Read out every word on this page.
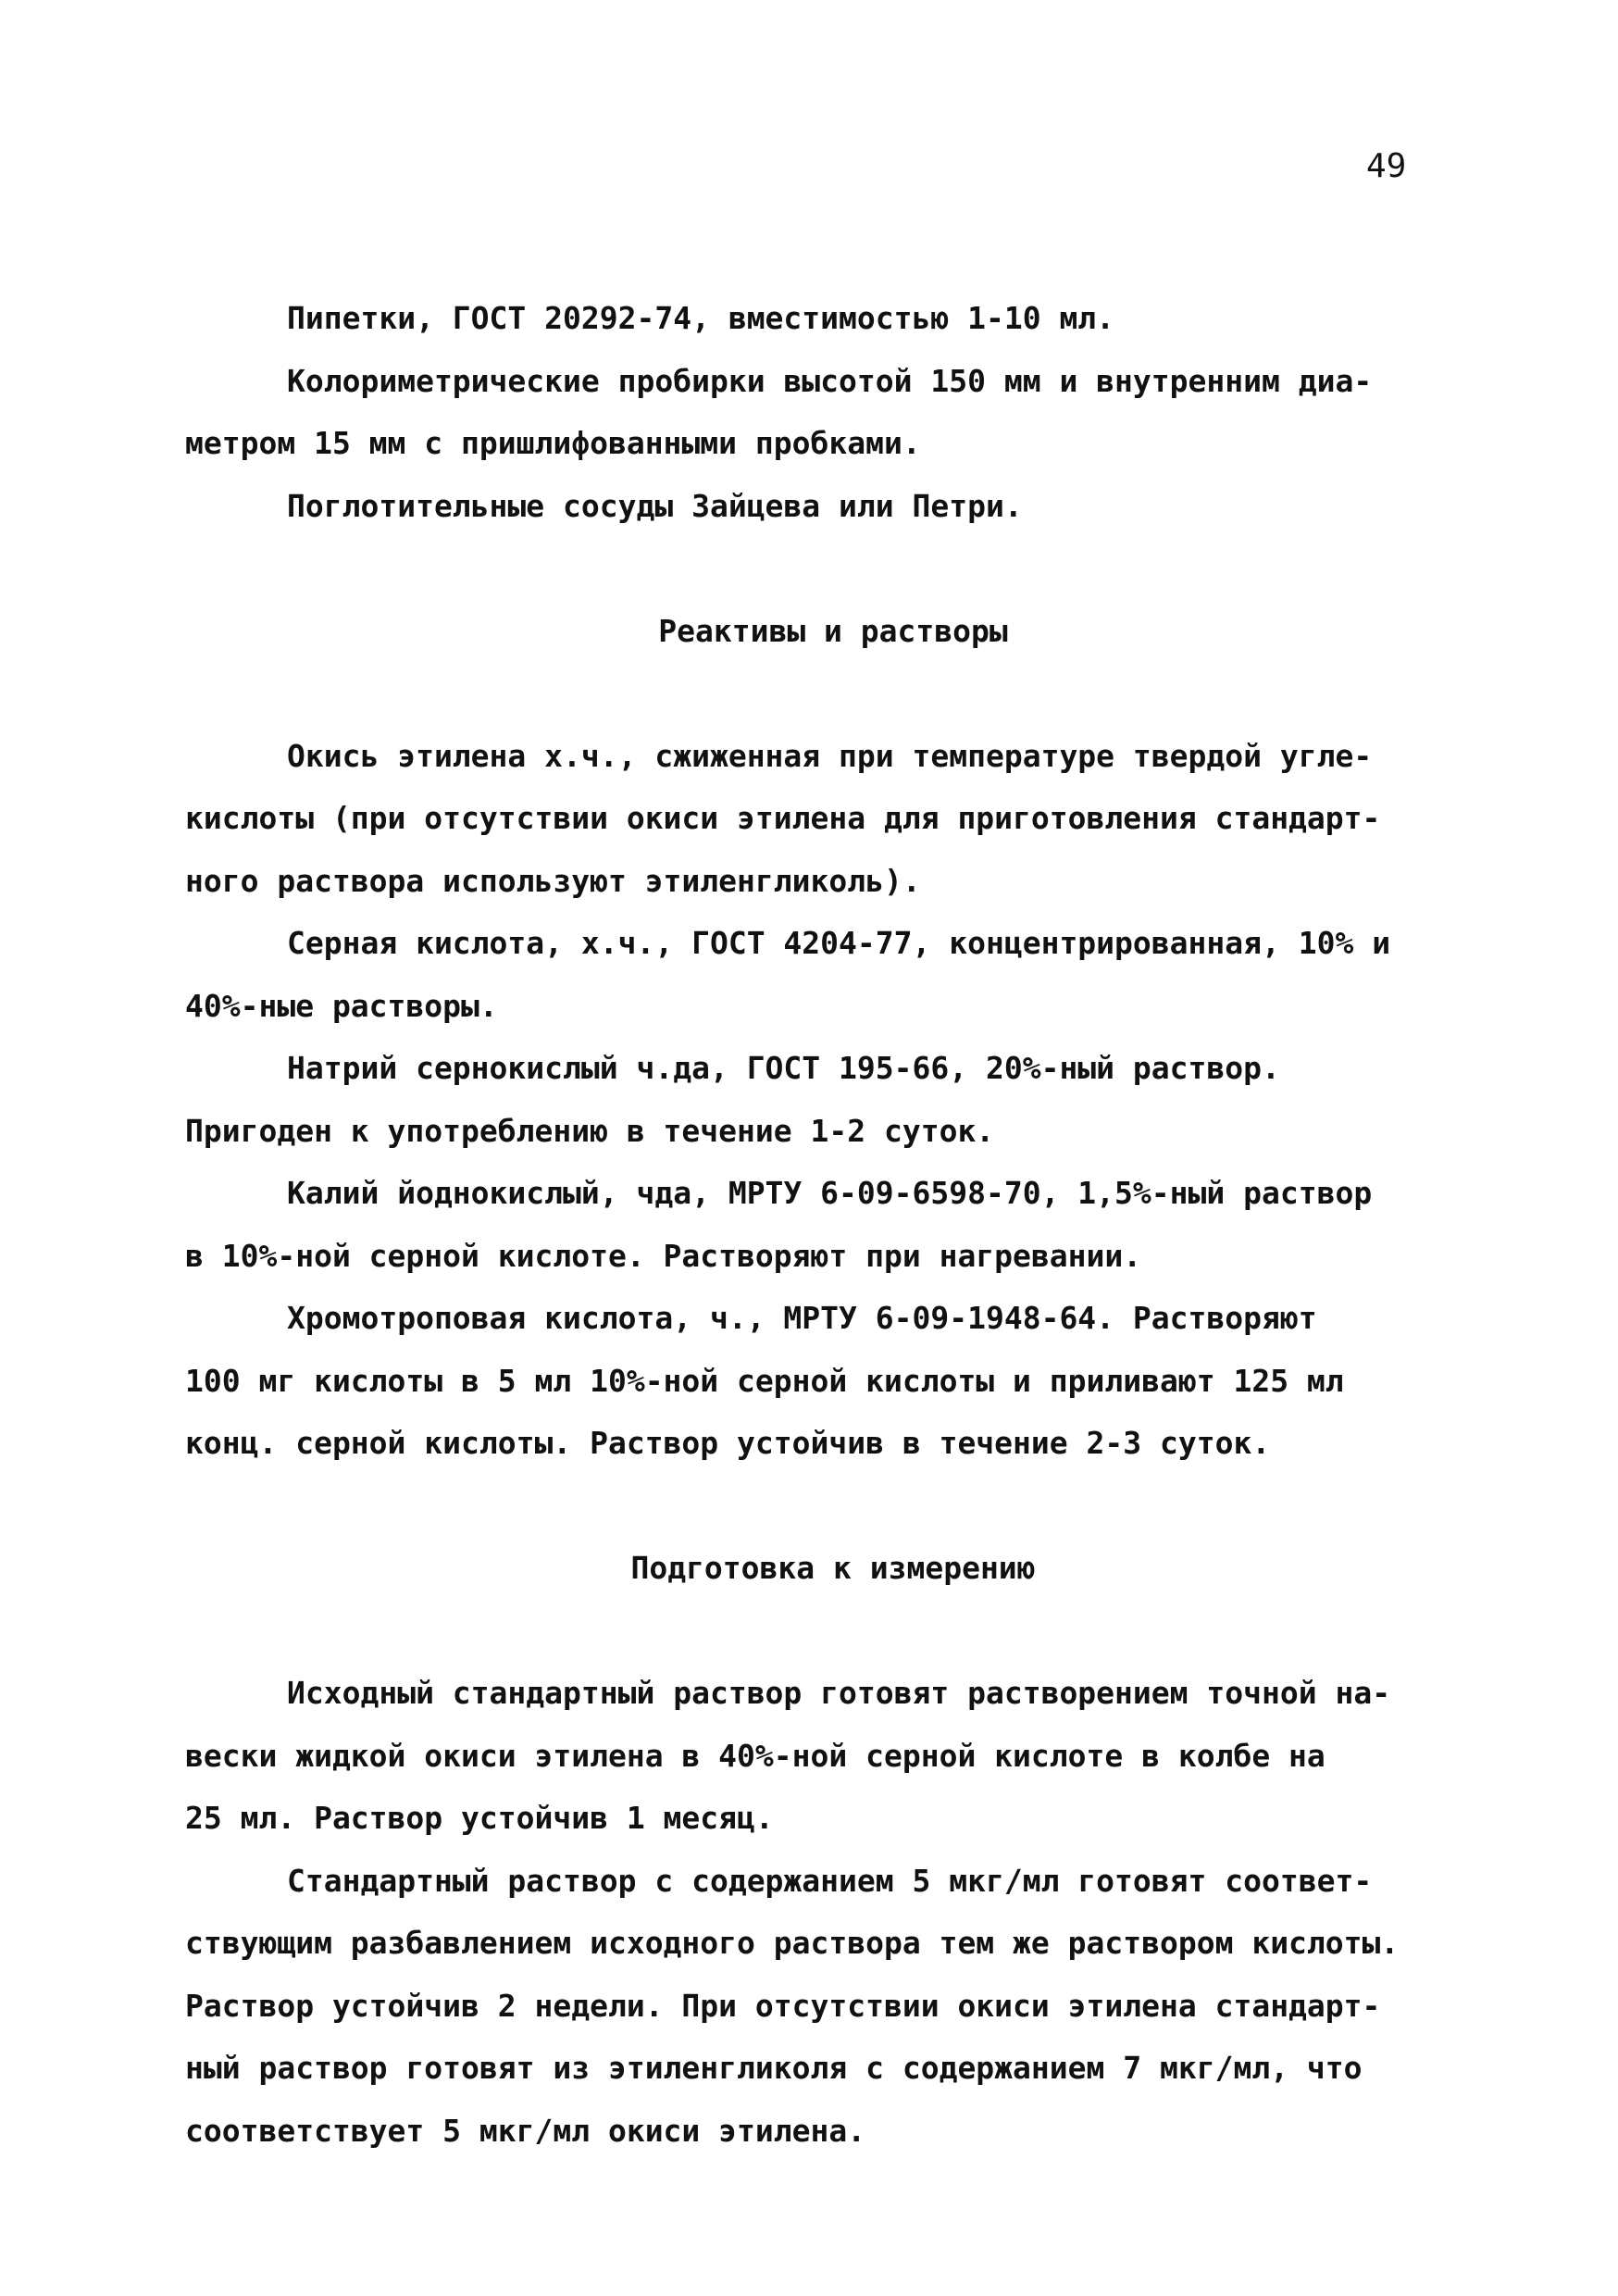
49
Пипетки, ГОСТ 20292-74, вместимостью 1-10 мл.
Колориметрические пробирки высотой 150 мм и внутренним диа-
метром 15 мм с пришлифованными пробками.
Поглотительные сосуды Зайцева или Петри.
Реактивы и растворы
Окись этилена х.ч., сжиженная при температуре твердой угле-
кислоты (при отсутствии окиси этилена для приготовления стандарт-
ного раствора используют этиленгликоль).
Серная кислота, х.ч., ГОСТ 4204-77, концентрированная, 10% и
40%-ные растворы.
Натрий сернокислый ч.да, ГОСТ 195-66, 20%-ный раствор.
Пригоден к употреблению в течение 1-2 суток.
Калий йоднокислый, чда, МРТУ 6-09-6598-70, 1,5%-ный раствор
в 10%-ной серной кислоте. Растворяют при нагревании.
Хромотроповая кислота, ч., МРТУ 6-09-1948-64. Растворяют
100 мг кислоты в 5 мл 10%-ной серной кислоты и приливают 125 мл
конц. серной кислоты. Раствор устойчив в течение 2-3 суток.
Подготовка к измерению
Исходный стандартный раствор готовят растворением точной на-
вески жидкой окиси этилена в 40%-ной серной кислоте в колбе на
25 мл. Раствор устойчив 1 месяц.
Стандартный раствор с содержанием 5 мкг/мл готовят соответ-
ствующим разбавлением исходного раствора тем же раствором кислоты.
Раствор устойчив 2 недели. При отсутствии окиси этилена стандарт-
ный раствор готовят из этиленгликоля с содержанием 7 мкг/мл, что
соответствует 5 мкг/мл окиси этилена.
